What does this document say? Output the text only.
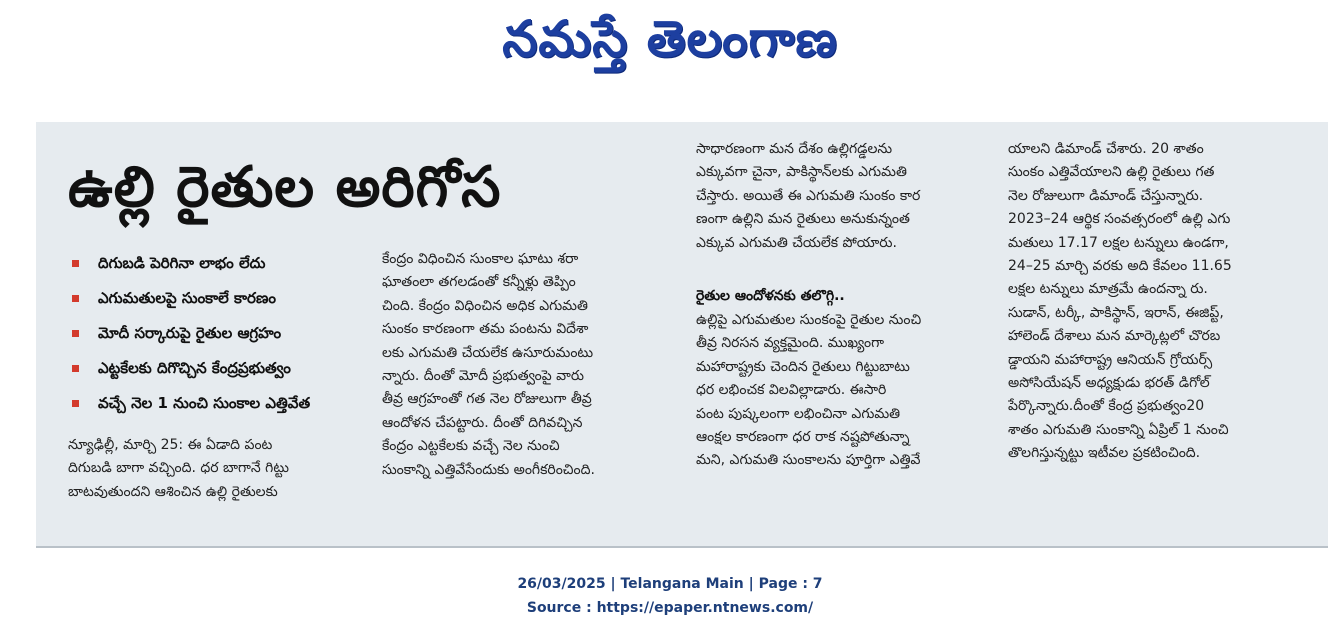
నమస్తే తెలంగాణ
ఉల్లి రైతుల అరిగోస
దిగుబడి పెరిగినా లాభం లేదు
ఎగుమతులపై సుంకాలే కారణం
మోదీ సర్కారుపై రైతుల ఆగ్రహం
ఎట్టకేలకు దిగొచ్చిన కేంద్రప్రభుత్వం
వచ్చే నెల 1 నుంచి సుంకాల ఎత్తివేత
న్యూఢిల్లీ, మార్చి 25: ఈ ఏడాది పంట
దిగుబడి బాగా వచ్చింది. ధర బాగానే గిట్టు
బాటవుతుందని ఆశించిన ఉల్లి రైతులకు
కేంద్రం విధించిన సుంకాల ఘాటు శరా
ఘాతంలా తగలడంతో కన్నీళ్లు తెప్పిం
చింది. కేంద్రం విధించిన అధిక ఎగుమతి
సుంకం కారణంగా తమ పంటను విదేశా
లకు ఎగుమతి చేయలేక ఉసూరుమంటు
న్నారు. దీంతో మోదీ ప్రభుత్వంపై వారు
తీవ్ర ఆగ్రహంతో గత నెల రోజులుగా తీవ్ర
ఆందోళన చేపట్టారు. దీంతో దిగివచ్చిన
కేంద్రం ఎట్టకేలకు వచ్చే నెల నుంచి
సుంకాన్ని ఎత్తివేసేందుకు అంగీకరించింది.
సాధారణంగా మన దేశం ఉల్లిగడ్డలను
ఎక్కువగా చైనా, పాకిస్థాన్‌లకు ఎగుమతి
చేస్తారు. అయితే ఈ ఎగుమతి సుంకం కార
ణంగా ఉల్లిని మన రైతులు అనుకున్నంత
ఎక్కువ ఎగుమతి చేయలేక పోయారు.
రైతుల ఆందోళనకు తలొగ్గి..
ఉల్లిపై ఎగుమతుల సుంకంపై రైతుల నుంచి
తీవ్ర నిరసన వ్యక్తమైంది. ముఖ్యంగా
మహారాష్ట్రకు చెందిన రైతులు గిట్టుబాటు
ధర లభించక విలవిల్లాడారు. ఈసారి
పంట పుష్కలంగా లభించినా ఎగుమతి
ఆంక్షల కారణంగా ధర రాక నష్టపోతున్నా
మని, ఎగుమతి సుంకాలను పూర్తిగా ఎత్తివే
యాలని డిమాండ్ చేశారు. 20 శాతం
సుంకం ఎత్తివేయాలని ఉల్లి రైతులు గత
నెల రోజులుగా డిమాండ్ చేస్తున్నారు.
2023–24 ఆర్థిక సంవత్సరంలో ఉల్లి ఎగు
మతులు 17.17 లక్షల టన్నులు ఉండగా,
24–25 మార్చి వరకు అది కేవలం 11.65
లక్షల టన్నులు మాత్రమే ఉందన్నా రు.
సుడాన్, టర్కీ, పాకిస్థాన్, ఇరాన్, ఈజిప్ట్,
హాలెండ్ దేశాలు మన మార్కెట్లలో చొరబ
డ్డాయని మహారాష్ట్ర ఆనియన్ గ్రోయర్స్
అసోసియేషన్ అధ్యక్షుడు భరత్ డిగోల్
పేర్కొన్నారు.దీంతో కేంద్ర ప్రభుత్వం20
శాతం ఎగుమతి సుంకాన్ని ఏప్రిల్ 1 నుంచి
తొలగిస్తున్నట్టు ఇటీవల ప్రకటించింది.
26/03/2025 | Telangana Main | Page : 7
Source : https://epaper.ntnews.com/
